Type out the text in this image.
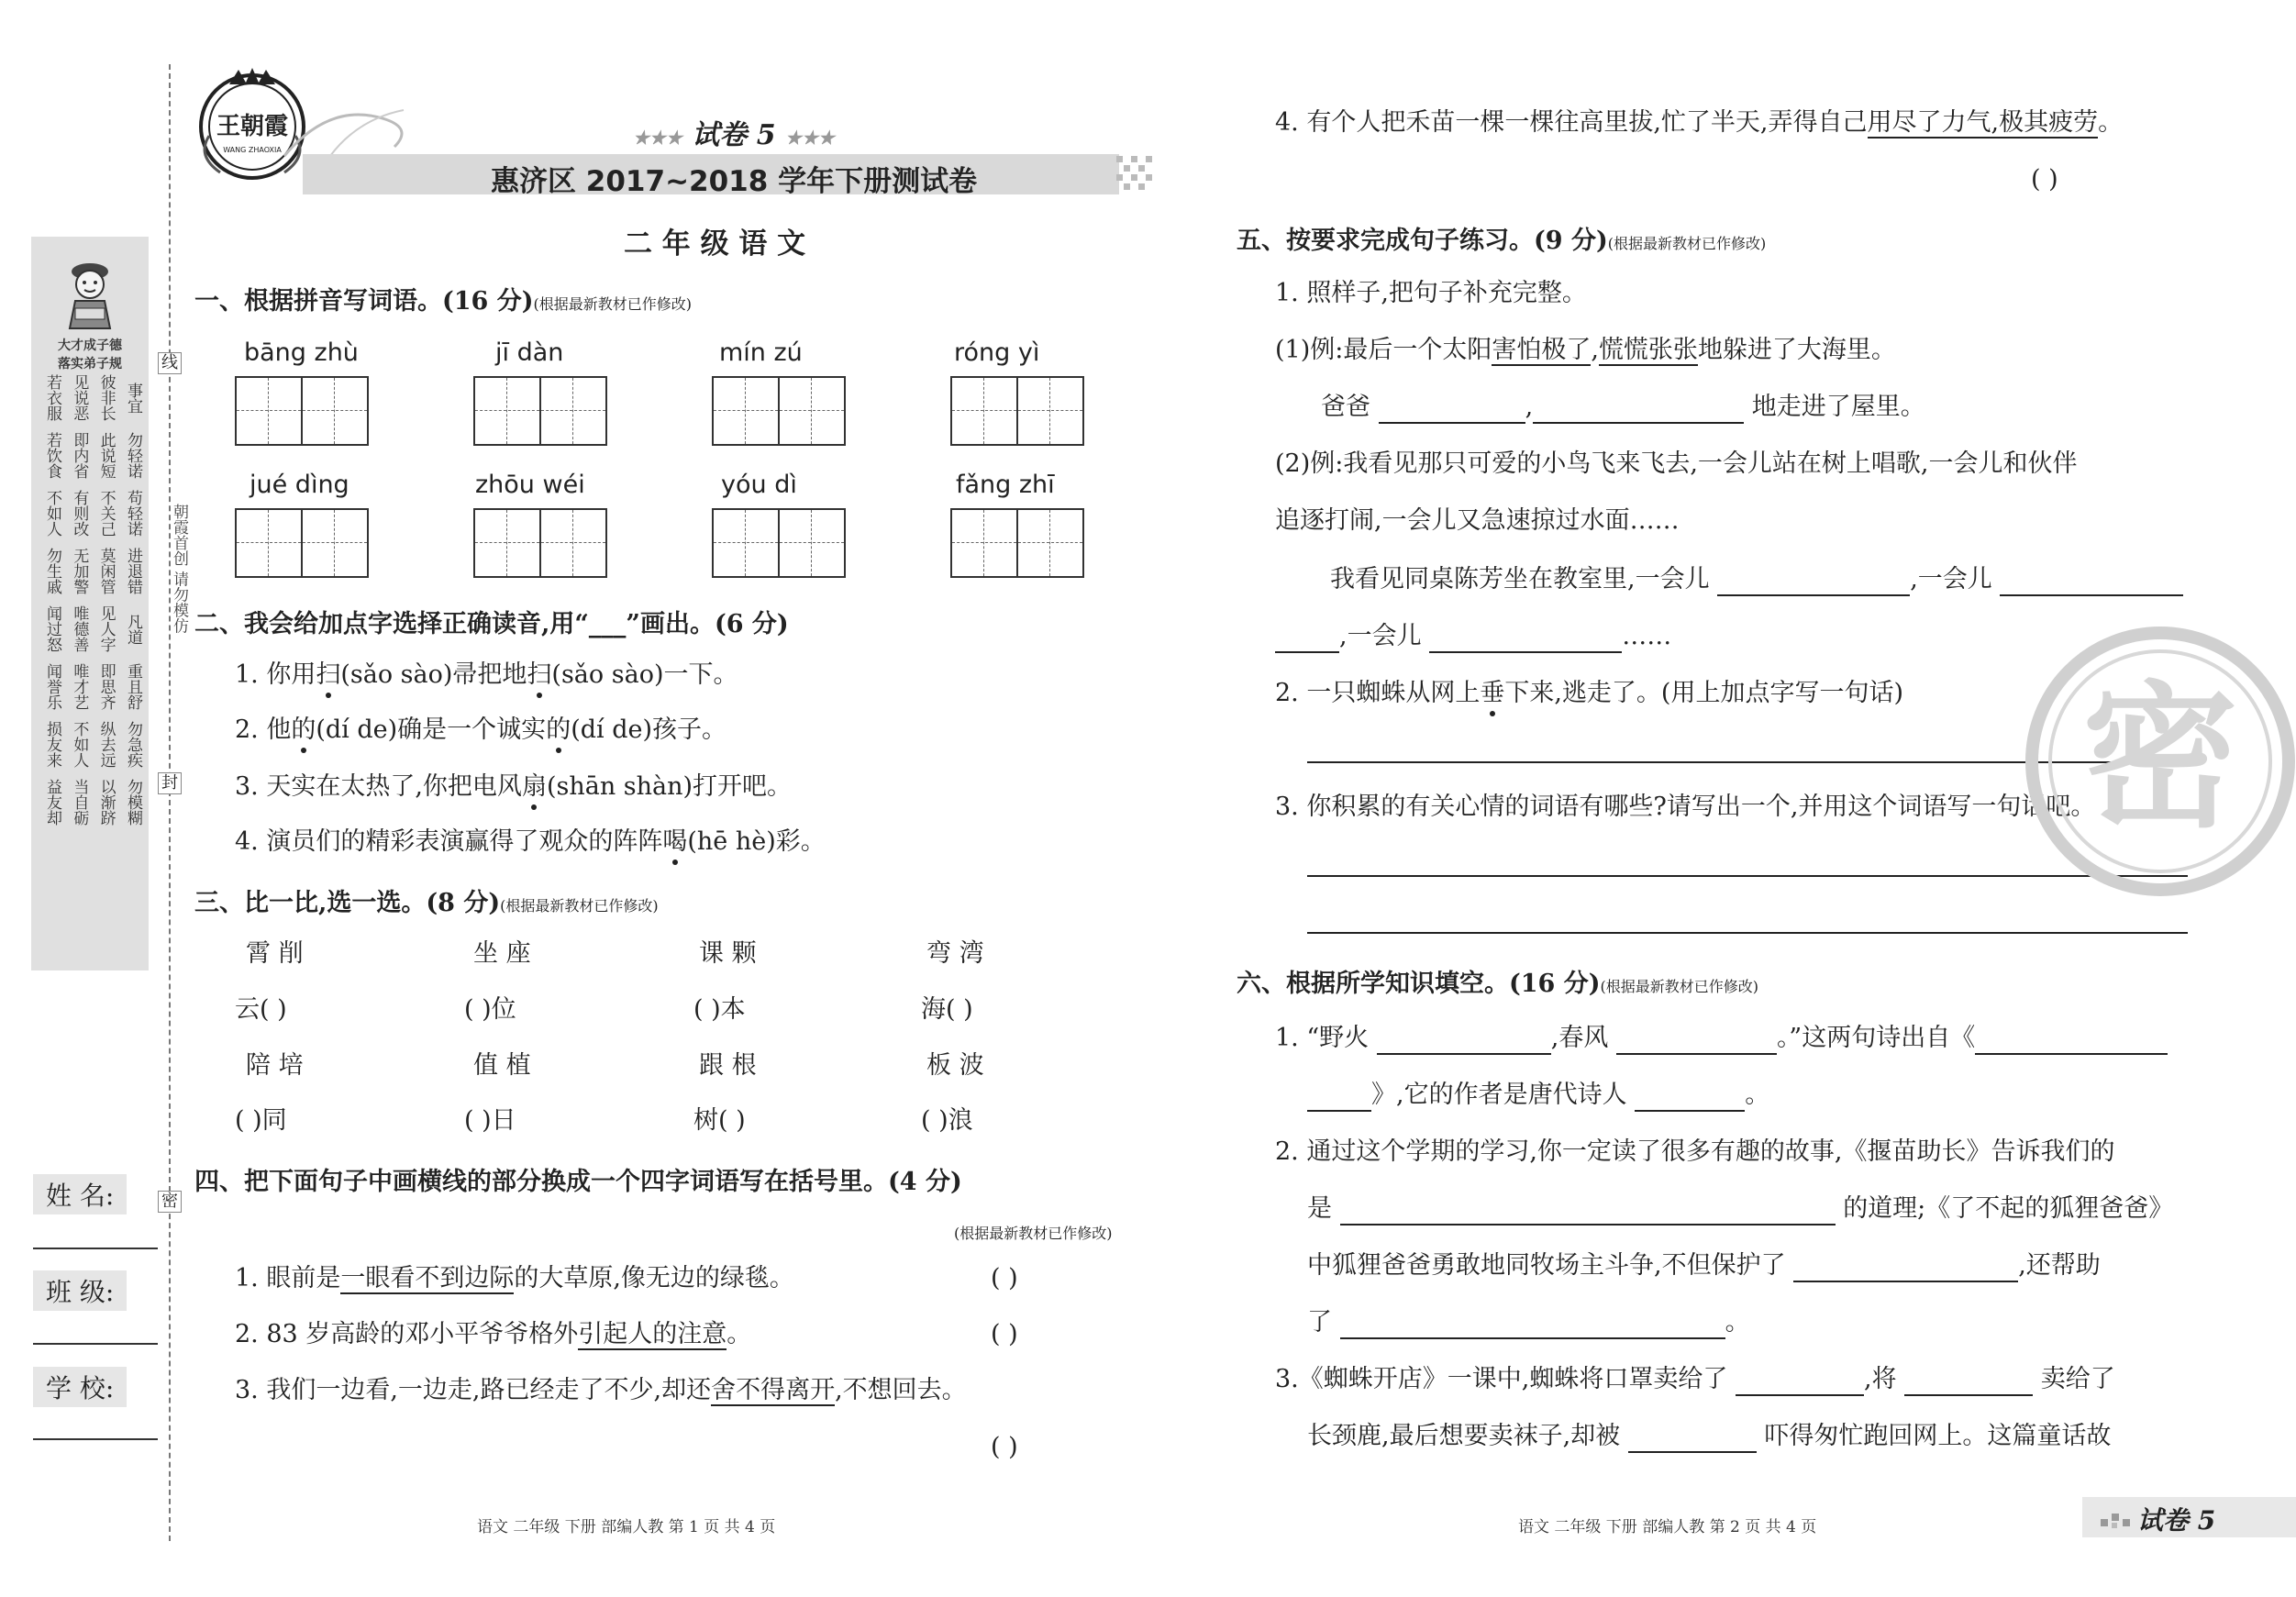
线
封
密
朝霞首创 请勿模仿
大才成子德
落实弟子规
若衣服 见说恶 彼非长 事宜
若饮食 即内省 此说短 勿轻诺
不如人 有则改 不关己 苟轻诺
勿生戚 无加警 莫闲管 进退错
闻过怒 唯德善 见人字 凡道
闻誉乐 唯才艺 即思齐 重且舒
损友来 不如人 纵去远 勿急疾
益友却 当自砺 以渐跻 勿模糊
姓 名:
班 级:
学 校:
王朝霞
WANG ZHAOXIA
★★★ 试卷 5 ★★★
惠济区 2017~2018 学年下册测试卷
二 年 级 语 文
一、根据拼音写词语。(16 分)(根据最新教材已作修改)
bāng zhù	jī dàn	mín zú	róng yì
jué dìng	zhōu wéi	yóu dì	fǎng zhī
二、我会给加点字选择正确读音,用“___”画出。(6 分)
1. 你用扫(sǎo sào)帚把地扫(sǎo sào)一下。
2. 他的(dí de)确是一个诚实的(dí de)孩子。
3. 天实在太热了,你把电风扇(shān shàn)打开吧。
4. 演员们的精彩表演赢得了观众的阵阵喝(hē hè)彩。
三、比一比,选一选。(8 分)(根据最新教材已作修改)
霄 削	坐 座	课 颗	弯 湾
云( )	( )位	( )本	海( )
陪 培	值 植	跟 根	板 波
( )同	( )日	树( )	( )浪
四、把下面句子中画横线的部分换成一个四字词语写在括号里。(4 分)
(根据最新教材已作修改)
1. 眼前是一眼看不到边际的大草原,像无边的绿毯。	( )
2. 83 岁高龄的邓小平爷爷格外引起人的注意。	( )
3. 我们一边看,一边走,路已经走了不少,却还舍不得离开,不想回去。
( )
4. 有个人把禾苗一棵一棵往高里拔,忙了半天,弄得自己用尽了力气,极其疲劳。
( )
五、按要求完成句子练习。(9 分)(根据最新教材已作修改)
1. 照样子,把句子补充完整。
(1)例:最后一个太阳害怕极了,慌慌张张地躲进了大海里。
爸爸	,	地走进了屋里。
(2)例:我看见那只可爱的小鸟飞来飞去,一会儿站在树上唱歌,一会儿和伙伴
追逐打闹,一会儿又急速掠过水面……
我看见同桌陈芳坐在教室里,一会儿	,一会儿
,一会儿	……
2. 一只蜘蛛从网上垂下来,逃走了。(用上加点字写一句话)
3. 你积累的有关心情的词语有哪些?请写出一个,并用这个词语写一句话吧。
六、根据所学知识填空。(16 分)(根据最新教材已作修改)
1. “野火	,春风	。”这两句诗出自《
》,它的作者是唐代诗人	。
2. 通过这个学期的学习,你一定读了很多有趣的故事,《揠苗助长》告诉我们的
是	的道理;《了不起的狐狸爸爸》
中狐狸爸爸勇敢地同牧场主斗争,不但保护了	,还帮助
了	。
3.《蜘蛛开店》一课中,蜘蛛将口罩卖给了	,将	卖给了
长颈鹿,最后想要卖袜子,却被	吓得匆忙跑回网上。这篇童话故
密
语文 二年级 下册 部编人教 第 1 页 共 4 页	语文 二年级 下册 部编人教 第 2 页 共 4 页	试卷 5
